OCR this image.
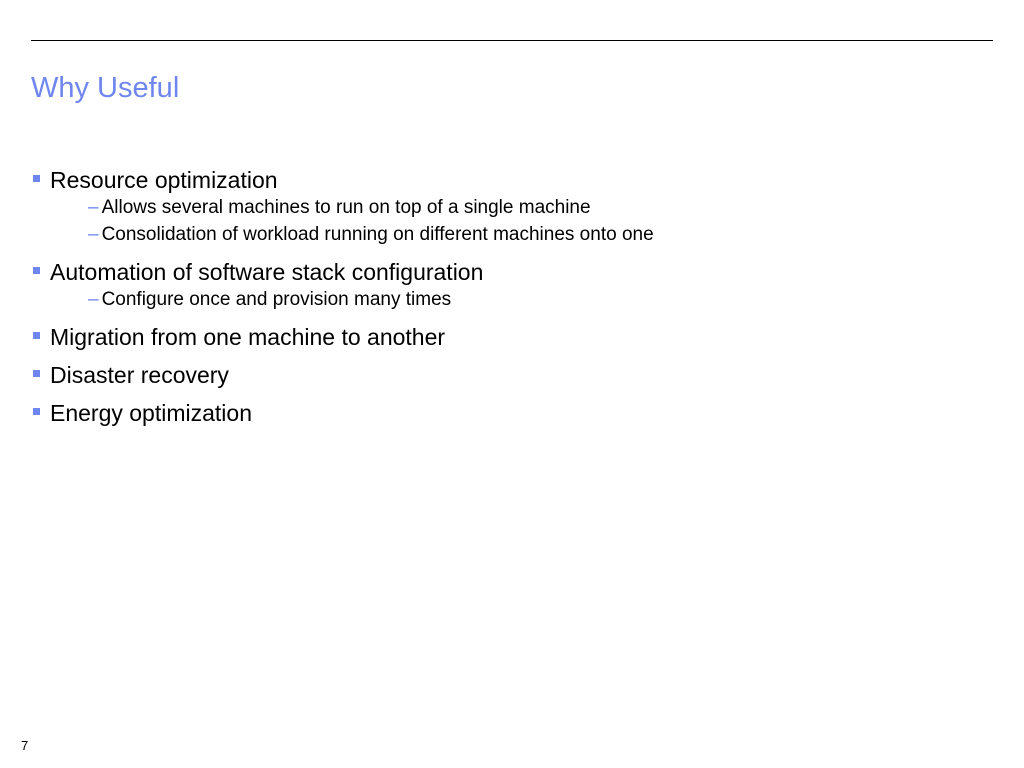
Why Useful
Resource optimization
– Allows several machines to run on top of a single machine
– Consolidation of workload running on different machines onto one
Automation of software stack configuration
– Configure once and provision many times
Migration from one machine to another
Disaster recovery
Energy optimization
7
